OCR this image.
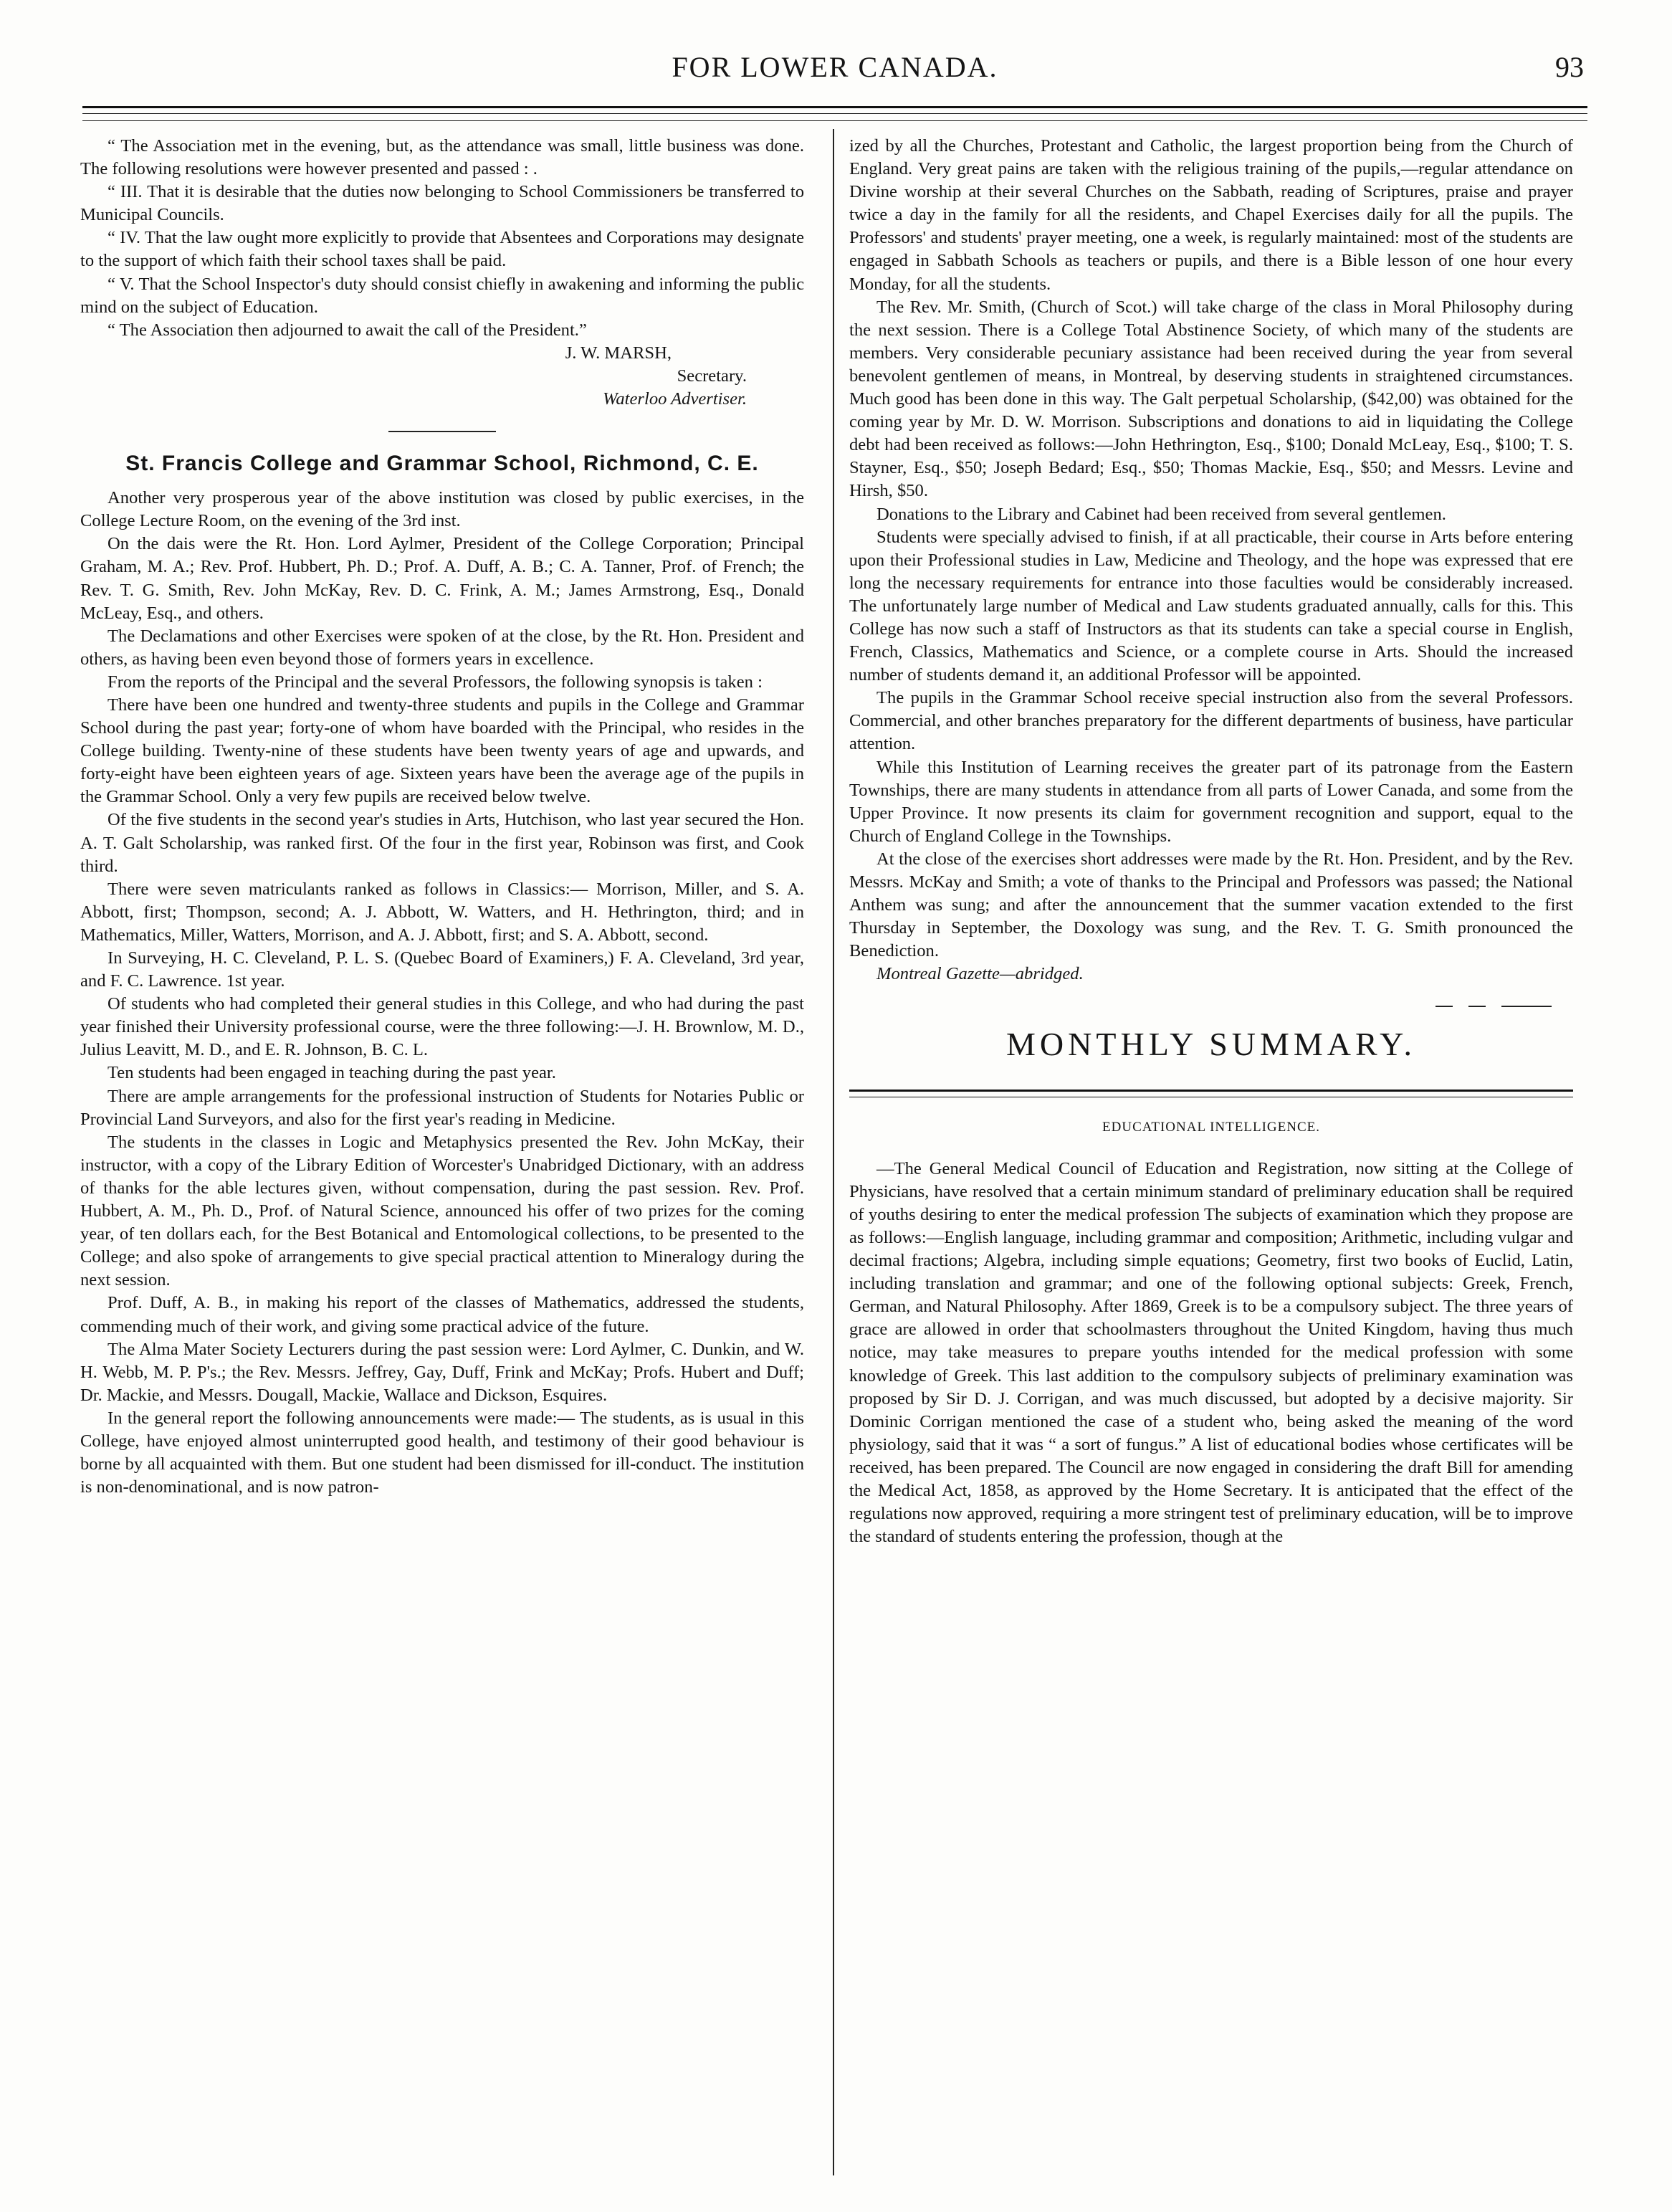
FOR LOWER CANADA.	93

“ The Association met in the evening, but, as the attendance was small, little business was done. The following resolutions were however presented and passed : .

“ III. That it is desirable that the duties now belonging to School Commissioners be transferred to Municipal Councils.

“ IV. That the law ought more explicitly to provide that Absentees and Corporations may designate to the support of which faith their school taxes shall be paid.

“ V. That the School Inspector's duty should consist chiefly in awakening and informing the public mind on the subject of Education.

“ The Association then adjourned to await the call of the President.”

J. W. MARSH,
Secretary.
Waterloo Advertiser.
St. Francis College and Grammar School, Richmond, C. E.

Another very prosperous year of the above institution was closed by public exercises, in the College Lecture Room, on the evening of the 3rd inst.

On the dais were the Rt. Hon. Lord Aylmer, President of the College Corporation; Principal Graham, M. A.; Rev. Prof. Hubbert, Ph. D.; Prof. A. Duff, A. B.; C. A. Tanner, Prof. of French; the Rev. T. G. Smith, Rev. John McKay, Rev. D. C. Frink, A. M.; James Armstrong, Esq., Donald McLeay, Esq., and others.

The Declamations and other Exercises were spoken of at the close, by the Rt. Hon. President and others, as having been even beyond those of formers years in excellence.

From the reports of the Principal and the several Professors, the following synopsis is taken :

There have been one hundred and twenty-three students and pupils in the College and Grammar School during the past year; forty-one of whom have boarded with the Principal, who resides in the College building. Twenty-nine of these students have been twenty years of age and upwards, and forty-eight have been eighteen years of age. Sixteen years have been the average age of the pupils in the Grammar School. Only a very few pupils are received below twelve.

Of the five students in the second year's studies in Arts, Hutchison, who last year secured the Hon. A. T. Galt Scholarship, was ranked first. Of the four in the first year, Robinson was first, and Cook third.

There were seven matriculants ranked as follows in Classics:— Morrison, Miller, and S. A. Abbott, first; Thompson, second; A. J. Abbott, W. Watters, and H. Hethrington, third; and in Mathematics, Miller, Watters, Morrison, and A. J. Abbott, first; and S. A. Abbott, second.

In Surveying, H. C. Cleveland, P. L. S. (Quebec Board of Examiners,) F. A. Cleveland, 3rd year, and F. C. Lawrence. 1st year.

Of students who had completed their general studies in this College, and who had during the past year finished their University professional course, were the three following:—J. H. Brownlow, M. D., Julius Leavitt, M. D., and E. R. Johnson, B. C. L.

Ten students had been engaged in teaching during the past year.

There are ample arrangements for the professional instruction of Students for Notaries Public or Provincial Land Surveyors, and also for the first year's reading in Medicine.

The students in the classes in Logic and Metaphysics presented the Rev. John McKay, their instructor, with a copy of the Library Edition of Worcester's Unabridged Dictionary, with an address of thanks for the able lectures given, without compensation, during the past session. Rev. Prof. Hubbert, A. M., Ph. D., Prof. of Natural Science, announced his offer of two prizes for the coming year, of ten dollars each, for the Best Botanical and Entomological collections, to be presented to the College; and also spoke of arrangements to give special practical attention to Mineralogy during the next session.

Prof. Duff, A. B., in making his report of the classes of Mathematics, addressed the students, commending much of their work, and giving some practical advice of the future.

The Alma Mater Society Lecturers during the past session were: Lord Aylmer, C. Dunkin, and W. H. Webb, M. P. P's.; the Rev. Messrs. Jeffrey, Gay, Duff, Frink and McKay; Profs. Hubert and Duff; Dr. Mackie, and Messrs. Dougall, Mackie, Wallace and Dickson, Esquires.

In the general report the following announcements were made:— The students, as is usual in this College, have enjoyed almost uninterrupted good health, and testimony of their good behaviour is borne by all acquainted with them. But one student had been dismissed for ill-conduct. The institution is non-denominational, and is now patron-

ized by all the Churches, Protestant and Catholic, the largest proportion being from the Church of England. Very great pains are taken with the religious training of the pupils,—regular attendance on Divine worship at their several Churches on the Sabbath, reading of Scriptures, praise and prayer twice a day in the family for all the residents, and Chapel Exercises daily for all the pupils. The Professors' and students' prayer meeting, one a week, is regularly maintained: most of the students are engaged in Sabbath Schools as teachers or pupils, and there is a Bible lesson of one hour every Monday, for all the students.

The Rev. Mr. Smith, (Church of Scot.) will take charge of the class in Moral Philosophy during the next session. There is a College Total Abstinence Society, of which many of the students are members. Very considerable pecuniary assistance had been received during the year from several benevolent gentlemen of means, in Montreal, by deserving students in straightened circumstances. Much good has been done in this way. The Galt perpetual Scholarship, ($42,00) was obtained for the coming year by Mr. D. W. Morrison. Subscriptions and donations to aid in liquidating the College debt had been received as follows:—John Hethrington, Esq., $100; Donald McLeay, Esq., $100; T. S. Stayner, Esq., $50; Joseph Bedard; Esq., $50; Thomas Mackie, Esq., $50; and Messrs. Levine and Hirsh, $50.

Donations to the Library and Cabinet had been received from several gentlemen.

Students were specially advised to finish, if at all practicable, their course in Arts before entering upon their Professional studies in Law, Medicine and Theology, and the hope was expressed that ere long the necessary requirements for entrance into those faculties would be considerably increased. The unfortunately large number of Medical and Law students graduated annually, calls for this. This College has now such a staff of Instructors as that its students can take a special course in English, French, Classics, Mathematics and Science, or a complete course in Arts. Should the increased number of students demand it, an additional Professor will be appointed.

The pupils in the Grammar School receive special instruction also from the several Professors. Commercial, and other branches preparatory for the different departments of business, have particular attention.

While this Institution of Learning receives the greater part of its patronage from the Eastern Townships, there are many students in attendance from all parts of Lower Canada, and some from the Upper Province. It now presents its claim for government recognition and support, equal to the Church of England College in the Townships.

At the close of the exercises short addresses were made by the Rt. Hon. President, and by the Rev. Messrs. McKay and Smith; a vote of thanks to the Principal and Professors was passed; the National Anthem was sung; and after the announcement that the summer vacation extended to the first Thursday in September, the Doxology was sung, and the Rev. T. G. Smith pronounced the Benediction.

Montreal Gazette—abridged.

MONTHLY SUMMARY.
EDUCATIONAL INTELLIGENCE.

—The General Medical Council of Education and Registration, now sitting at the College of Physicians, have resolved that a certain minimum standard of preliminary education shall be required of youths desiring to enter the medical profession The subjects of examination which they propose are as follows:—English language, including grammar and composition; Arithmetic, including vulgar and decimal fractions; Algebra, including simple equations; Geometry, first two books of Euclid, Latin, including translation and grammar; and one of the following optional subjects: Greek, French, German, and Natural Philosophy. After 1869, Greek is to be a compulsory subject. The three years of grace are allowed in order that schoolmasters throughout the United Kingdom, having thus much notice, may take measures to prepare youths intended for the medical profession with some knowledge of Greek. This last addition to the compulsory subjects of preliminary examination was proposed by Sir D. J. Corrigan, and was much discussed, but adopted by a decisive majority. Sir Dominic Corrigan mentioned the case of a student who, being asked the meaning of the word physiology, said that it was “ a sort of fungus.” A list of educational bodies whose certificates will be received, has been prepared. The Council are now engaged in considering the draft Bill for amending the Medical Act, 1858, as approved by the Home Secretary. It is anticipated that the effect of the regulations now approved, requiring a more stringent test of preliminary education, will be to improve the standard of students entering the profession, though at the
